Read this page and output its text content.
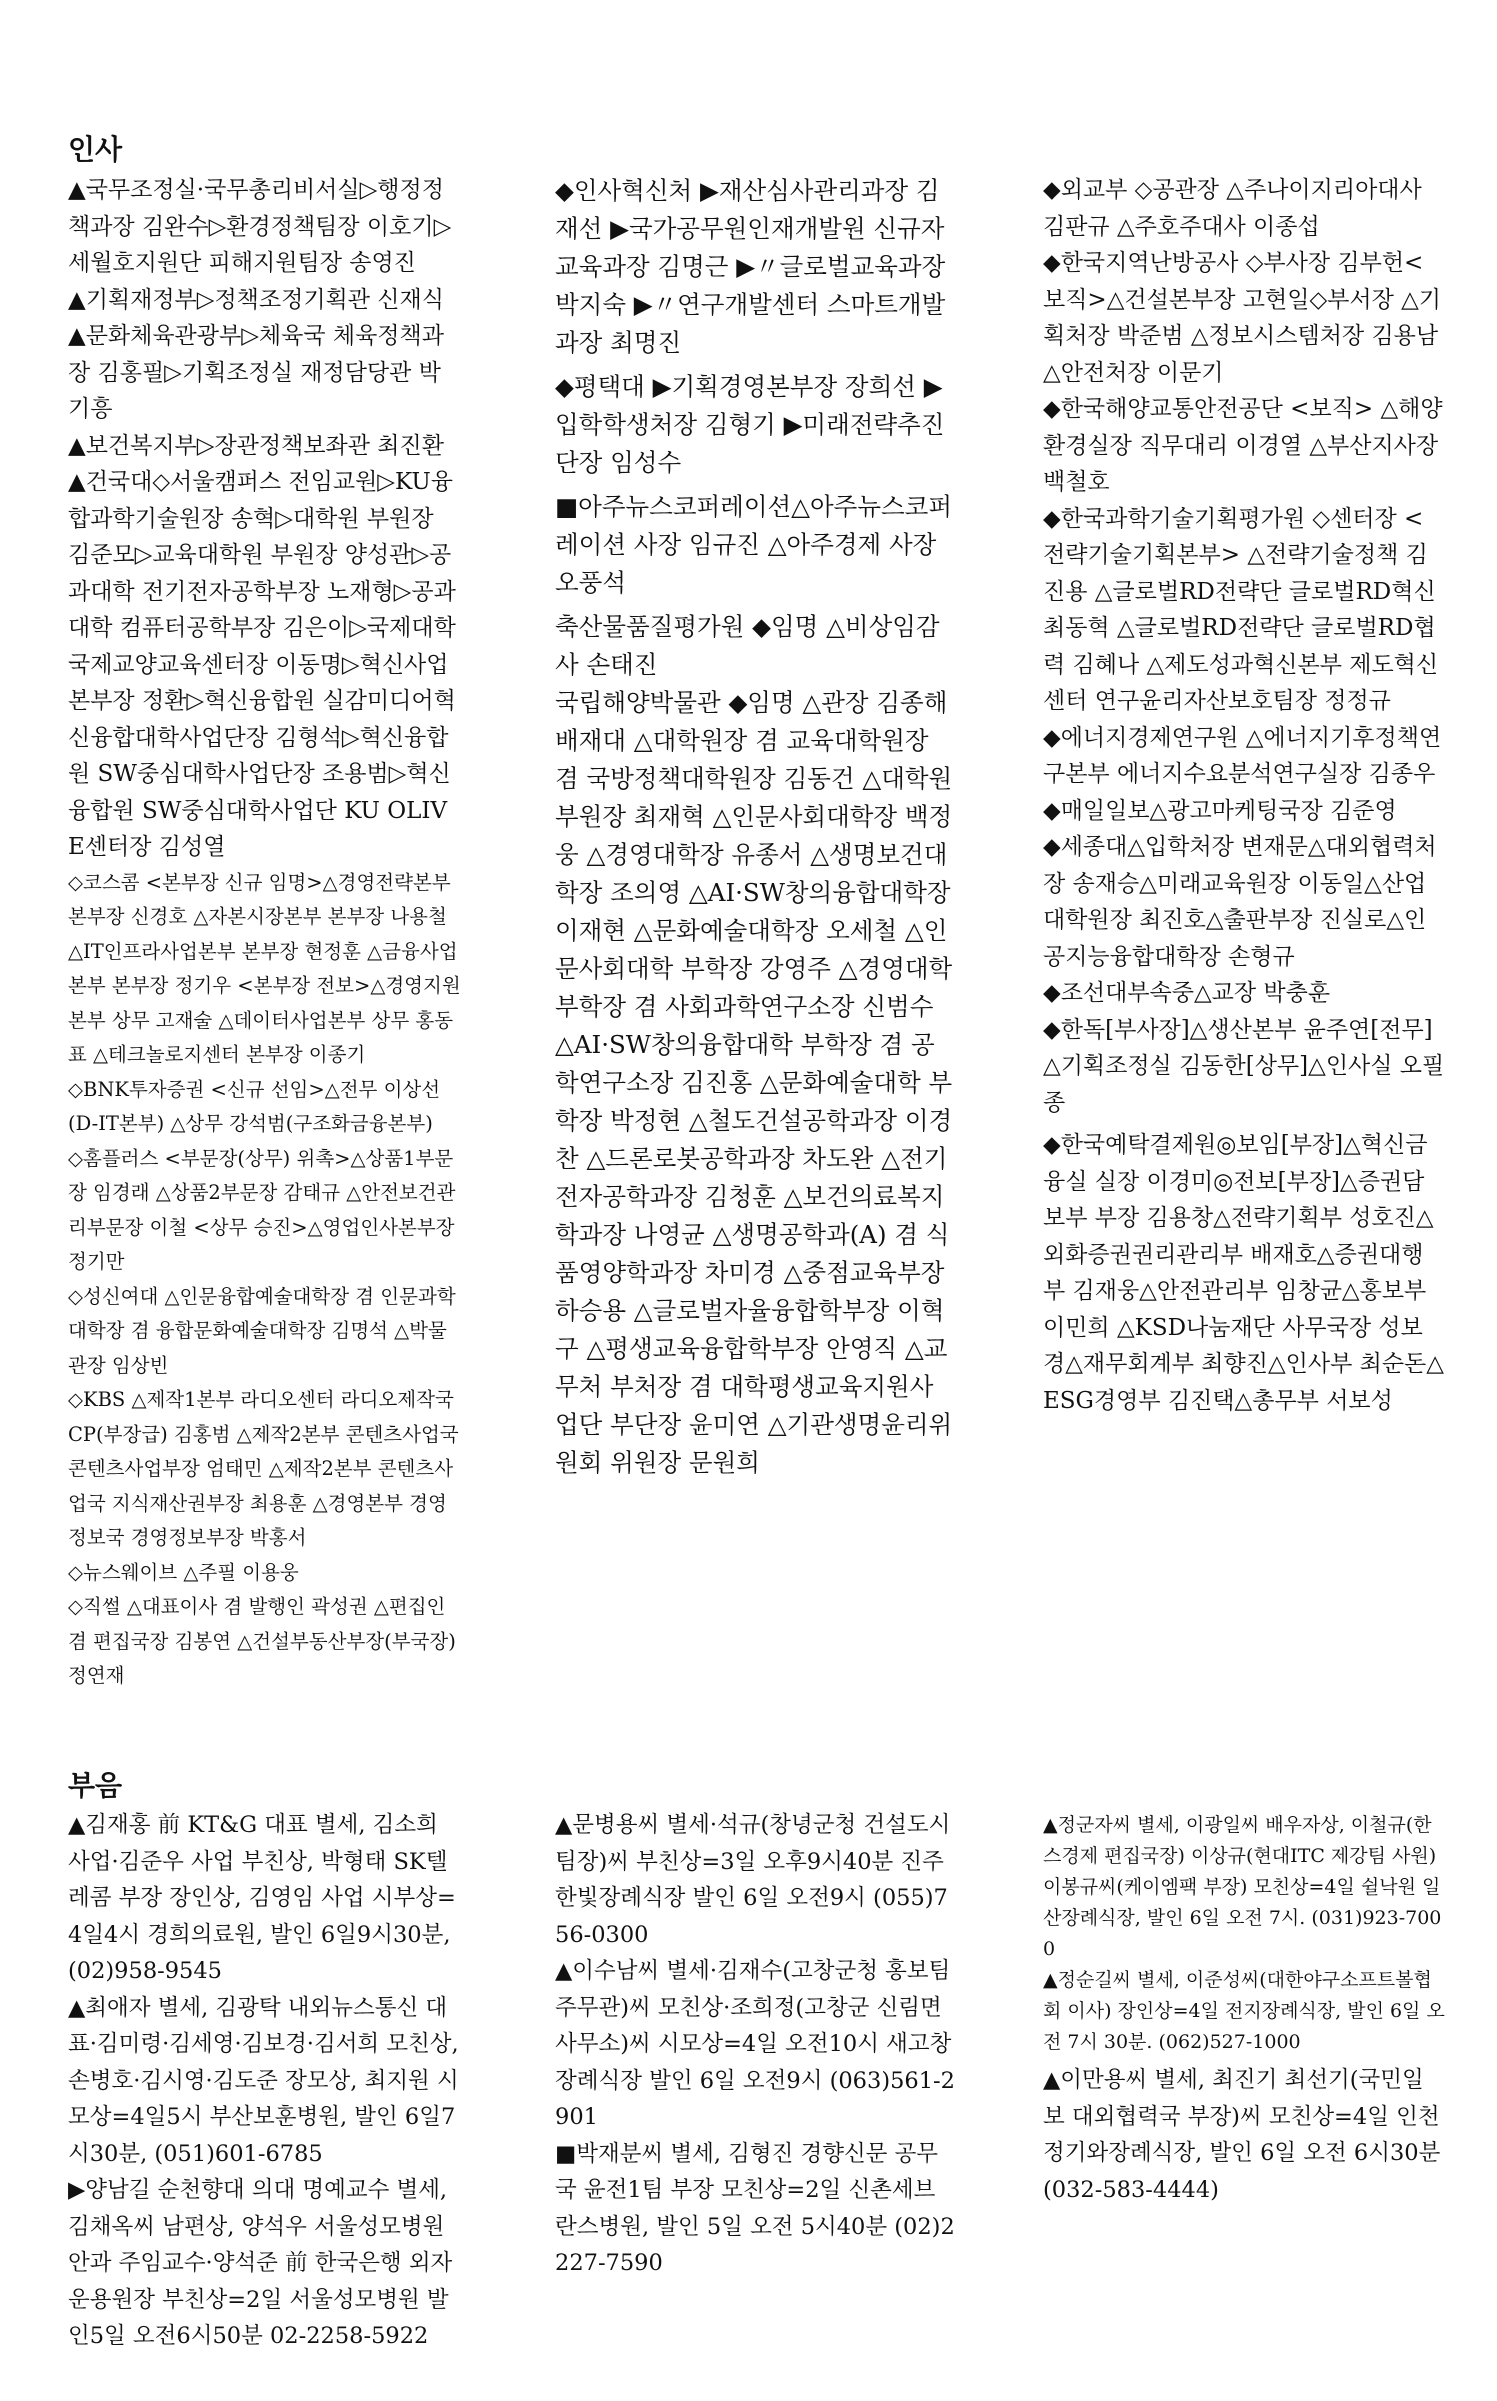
인사

▲국무조정실·국무총리비서실▷행정정책과장 김완수▷환경정책팀장 이호기▷세월호지원단 피해지원팀장 송영진

▲기획재정부▷정책조정기획관 신재식

▲문화체육관광부▷체육국 체육정책과장 김홍필▷기획조정실 재정담당관 박기흥

▲보건복지부▷장관정책보좌관 최진환

▲건국대◇서울캠퍼스 전임교원▷KU융합과학기술원장 송혁▷대학원 부원장 김준모▷교육대학원 부원장 양성관▷공과대학 전기전자공학부장 노재형▷공과대학 컴퓨터공학부장 김은이▷국제대학 국제교양교육센터장 이동명▷혁신사업본부장 정환▷혁신융합원 실감미디어혁신융합대학사업단장 김형석▷혁신융합원 SW중심대학사업단장 조용범▷혁신융합원 SW중심대학사업단 KU OLIVE센터장 김성열

◇코스콤 <본부장 신규 임명>△경영전략본부 본부장 신경호 △자본시장본부 본부장 나용철 △IT인프라사업본부 본부장 현정훈 △금융사업본부 본부장 정기우 <본부장 전보>△경영지원본부 상무 고재술 △데이터사업본부 상무 홍동표 △테크놀로지센터 본부장 이종기

◇BNK투자증권 <신규 선임>△전무 이상선(D-IT본부) △상무 강석범(구조화금융본부)

◇홈플러스 <부문장(상무) 위촉>△상품1부문장 임경래 △상품2부문장 감태규 △안전보건관리부문장 이철 <상무 승진>△영업인사본부장 정기만

◇성신여대 △인문융합예술대학장 겸 인문과학대학장 겸 융합문화예술대학장 김명석 △박물관장 임상빈

◇KBS △제작1본부 라디오센터 라디오제작국 CP(부장급) 김홍범 △제작2본부 콘텐츠사업국 콘텐츠사업부장 엄태민 △제작2본부 콘텐츠사업국 지식재산권부장 최용훈 △경영본부 경영정보국 경영정보부장 박홍서

◇뉴스웨이브 △주필 이용웅

◇직썰 △대표이사 겸 발행인 곽성권 △편집인 겸 편집국장 김봉연 △건설부동산부장(부국장) 정연재

◆인사혁신처 ▶재산심사관리과장 김재선 ▶국가공무원인재개발원 신규자교육과장 김명근 ▶〃글로벌교육과장 박지숙 ▶〃연구개발센터 스마트개발과장 최명진

◆평택대 ▶기획경영본부장 장희선 ▶입학학생처장 김형기 ▶미래전략추진단장 임성수

■아주뉴스코퍼레이션△아주뉴스코퍼레이션 사장 임규진 △아주경제 사장 오풍석

축산물품질평가원 ◆임명 △비상임감사 손태진

국립해양박물관 ◆임명 △관장 김종해

배재대 △대학원장 겸 교육대학원장 겸 국방정책대학원장 김동건 △대학원 부원장 최재혁 △인문사회대학장 백정웅 △경영대학장 유종서 △생명보건대학장 조의영 △AI·SW창의융합대학장 이재현 △문화예술대학장 오세철 △인문사회대학 부학장 강영주 △경영대학 부학장 겸 사회과학연구소장 신범수 △AI·SW창의융합대학 부학장 겸 공학연구소장 김진홍 △문화예술대학 부학장 박정현 △철도건설공학과장 이경찬 △드론로봇공학과장 차도완 △전기전자공학과장 김청훈 △보건의료복지학과장 나영균 △생명공학과(A) 겸 식품영양학과장 차미경 △중점교육부장 하승용 △글로벌자율융합학부장 이혁구 △평생교육융합학부장 안영직 △교무처 부처장 겸 대학평생교육지원사업단 부단장 윤미연 △기관생명윤리위원회 위원장 문원희

◆외교부 ◇공관장 △주나이지리아대사 김판규 △주호주대사 이종섭

◆한국지역난방공사 ◇부사장 김부헌<보직>△건설본부장 고현일◇부서장 △기획처장 박준범 △정보시스템처장 김용남 △안전처장 이문기

◆한국해양교통안전공단 <보직> △해양환경실장 직무대리 이경열 △부산지사장 백철호

◆한국과학기술기획평가원 ◇센터장 <전략기술기획본부> △전략기술정책 김진용 △글로벌RD전략단 글로벌RD혁신 최동혁 △글로벌RD전략단 글로벌RD협력 김혜나 △제도성과혁신본부 제도혁신센터 연구윤리자산보호팀장 정정규

◆에너지경제연구원 △에너지기후정책연구본부 에너지수요분석연구실장 김종우

◆매일일보△광고마케팅국장 김준영

◆세종대△입학처장 변재문△대외협력처장 송재승△미래교육원장 이동일△산업대학원장 최진호△출판부장 진실로△인공지능융합대학장 손형규

◆조선대부속중△교장 박충훈

◆한독[부사장]△생산본부 윤주연[전무]△기획조정실 김동한[상무]△인사실 오필종

◆한국예탁결제원◎보임[부장]△혁신금융실 실장 이경미◎전보[부장]△증권담보부 부장 김용창△전략기획부 성호진△외화증권권리관리부 배재호△증권대행부 김재웅△안전관리부 임창균△홍보부 이민희 △KSD나눔재단 사무국장 성보경△재무회계부 최향진△인사부 최순돈△ESG경영부 김진택△총무부 서보성

부음

▲김재홍 前 KT&G 대표 별세, 김소희 사업·김준우 사업 부친상, 박형태 SK텔레콤 부장 장인상, 김영임 사업 시부상=4일4시 경희의료원, 발인 6일9시30분, (02)958-9545

▲최애자 별세, 김광탁 내외뉴스통신 대표·김미령·김세영·김보경·김서희 모친상, 손병호·김시영·김도준 장모상, 최지원 시모상=4일5시 부산보훈병원, 발인 6일7시30분, (051)601-6785

▶양남길 순천향대 의대 명예교수 별세, 김채옥씨 남편상, 양석우 서울성모병원 안과 주임교수·양석준 前 한국은행 외자운용원장 부친상=2일 서울성모병원 발인5일 오전6시50분 02-2258-5922

▲문병용씨 별세·석규(창녕군청 건설도시팀장)씨 부친상=3일 오후9시40분 진주한빛장례식장 발인 6일 오전9시 (055)756-0300

▲이수남씨 별세·김재수(고창군청 홍보팀 주무관)씨 모친상·조희정(고창군 신림면사무소)씨 시모상=4일 오전10시 새고창장례식장 발인 6일 오전9시 (063)561-2901

■박재분씨 별세, 김형진 경향신문 공무국 윤전1팀 부장 모친상=2일 신촌세브란스병원, 발인 5일 오전 5시40분 (02)2227-7590

▲정군자씨 별세, 이광일씨 배우자상, 이철규(한스경제 편집국장) 이상규(현대ITC 제강팀 사원) 이봉규씨(케이엠팩 부장) 모친상=4일 쉴낙원 일산장례식장, 발인 6일 오전 7시. (031)923-7000

▲정순길씨 별세, 이준성씨(대한야구소프트볼협회 이사) 장인상=4일 전지장례식장, 발인 6일 오전 7시 30분. (062)527-1000

▲이만용씨 별세, 최진기 최선기(국민일보 대외협력국 부장)씨 모친상=4일 인천 정기와장례식장, 발인 6일 오전 6시30분 (032-583-4444)
